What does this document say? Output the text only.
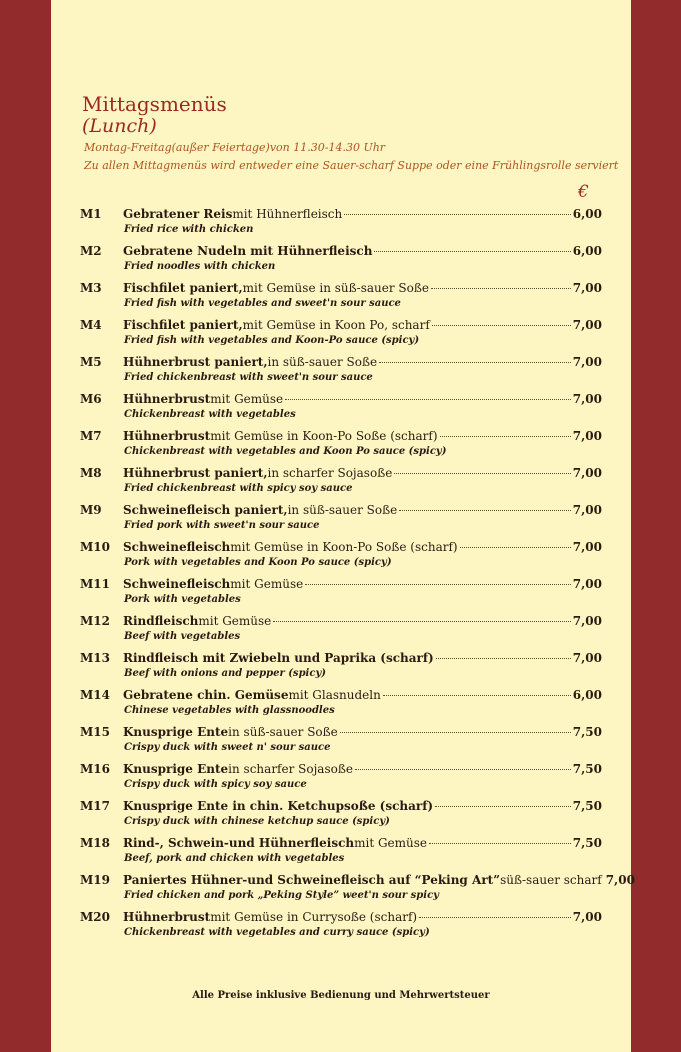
Mittagsmenüs
(Lunch)
Montag-Freitag(außer Feiertage)von 11.30-14.30 Uhr
Zu allen Mittagmenüs wird entweder eine Sauer-scharf Suppe oder eine Frühlingsrolle serviert
€
M1 Gebratener Reis mit Hühnerfleisch	6,00
Fried rice with chicken
M2 Gebratene Nudeln mit Hühnerfleisch	6,00
Fried noodles with chicken
M3 Fischfilet paniert, mit Gemüse in süß-sauer Soße	7,00
Fried fish with vegetables and sweet'n sour sauce
M4 Fischfilet paniert, mit Gemüse in Koon Po, scharf	7,00
Fried fish with vegetables and Koon-Po sauce (spicy)
M5 Hühnerbrust paniert, in süß-sauer Soße	7,00
Fried chickenbreast with sweet'n sour sauce
M6 Hühnerbrust mit Gemüse	7,00
Chickenbreast with vegetables
M7 Hühnerbrust mit Gemüse in Koon-Po Soße (scharf)	7,00
Chickenbreast with vegetables and Koon Po sauce (spicy)
M8 Hühnerbrust paniert, in scharfer Sojasoße	7,00
Fried chickenbreast with spicy soy sauce
M9 Schweinefleisch paniert, in süß-sauer Soße	7,00
Fried pork with sweet'n sour sauce
M10 Schweinefleisch mit Gemüse in Koon-Po Soße (scharf)	7,00
Pork with vegetables and Koon Po sauce (spicy)
M11 Schweinefleisch mit Gemüse	7,00
Pork with vegetables
M12 Rindfleisch mit Gemüse	7,00
Beef with vegetables
M13 Rindfleisch mit Zwiebeln und Paprika (scharf)	7,00
Beef with onions and pepper (spicy)
M14 Gebratene chin. Gemüse mit Glasnudeln	6,00
Chinese vegetables with glassnoodles
M15 Knusprige Ente in süß-sauer Soße	7,50
Crispy duck with sweet n' sour sauce
M16 Knusprige Ente in scharfer Sojasoße	7,50
Crispy duck with spicy soy sauce
M17 Knusprige Ente in chin. Ketchupsoße (scharf)	7,50
Crispy duck with chinese ketchup sauce (spicy)
M18 Rind-, Schwein-und Hühnerfleisch mit Gemüse	7,50
Beef, pork and chicken with vegetables
M19 Paniertes Hühner-und Schweinefleisch auf “Peking Art” süß-sauer scharf 7,00
Fried chicken and pork „Peking Style” weet'n sour spicy
M20 Hühnerbrust mit Gemüse in Currysoße (scharf)	7,00
Chickenbreast with vegetables and curry sauce (spicy)
Alle Preise inklusive Bedienung und Mehrwertsteuer
